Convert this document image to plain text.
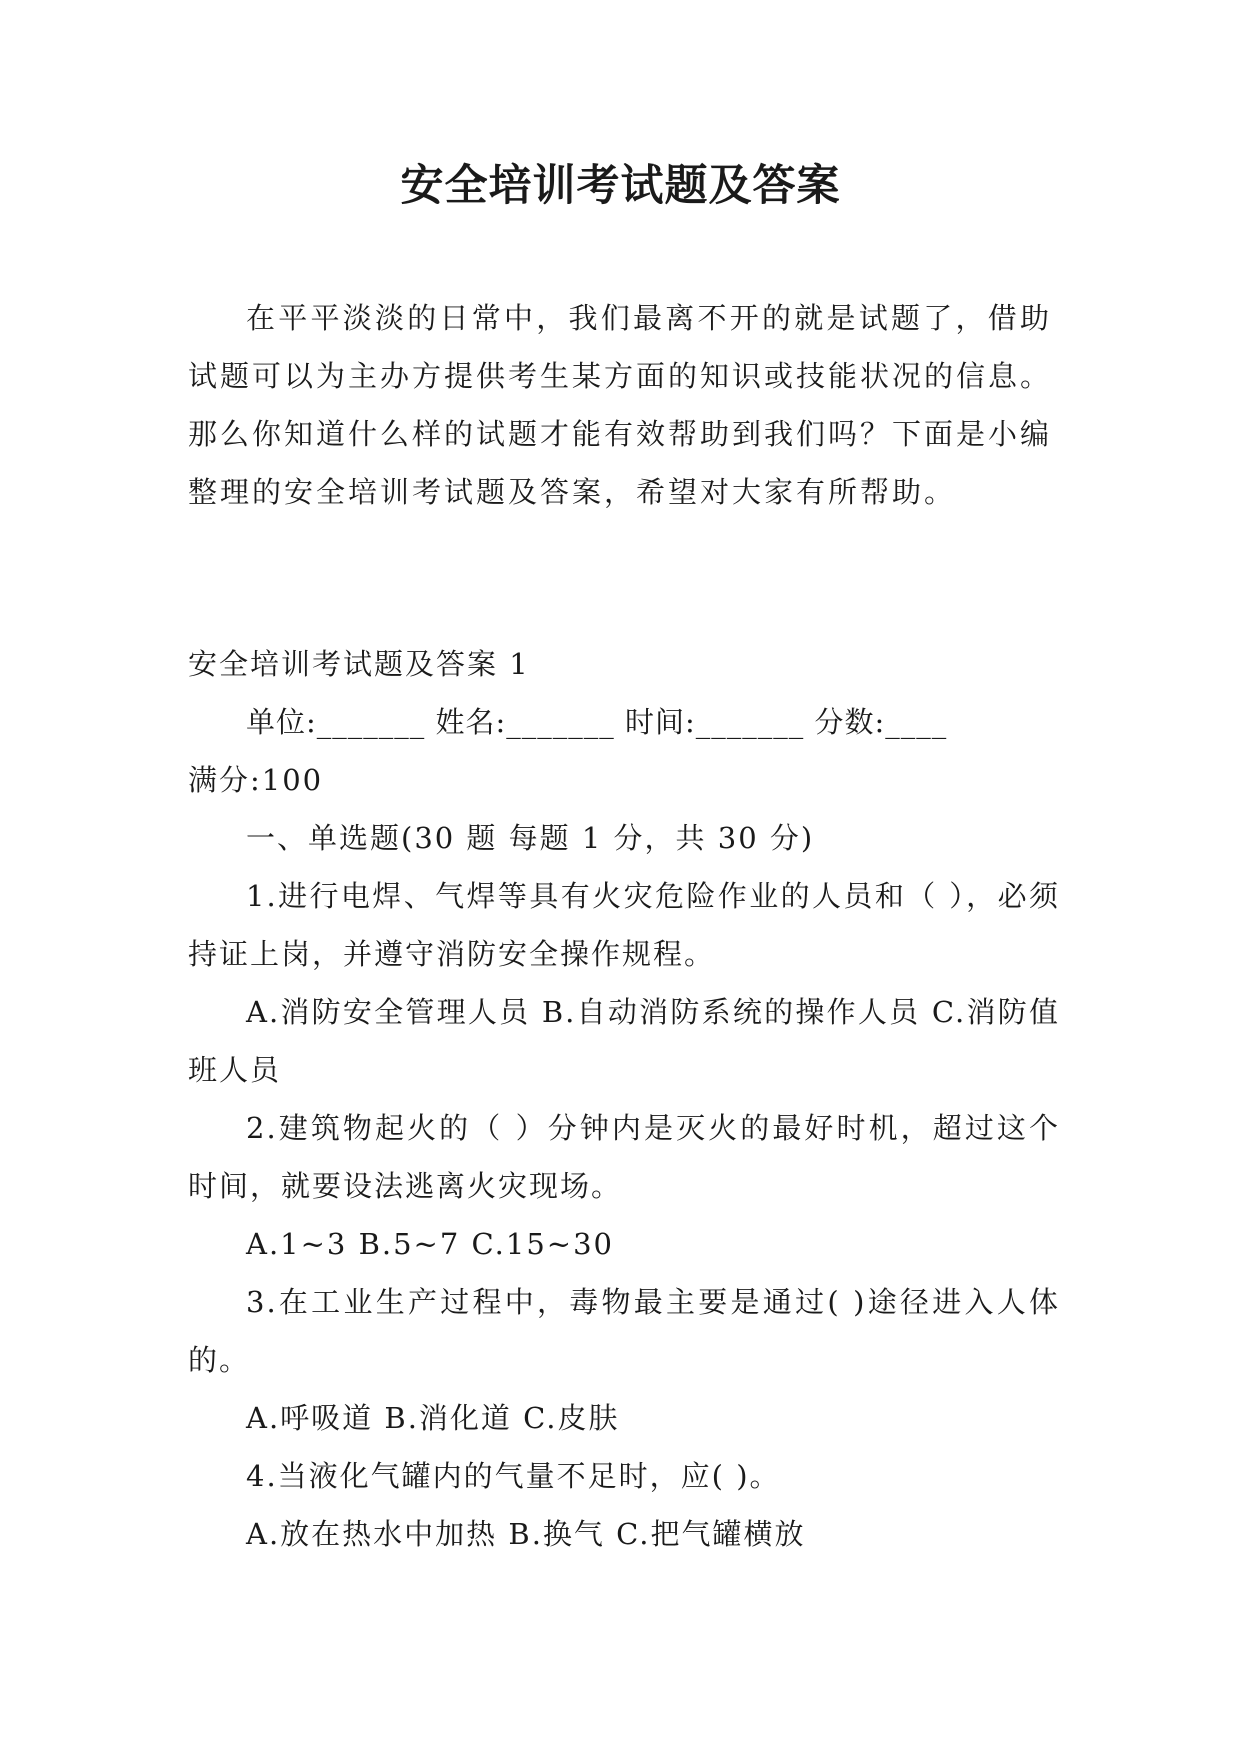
安全培训考试题及答案

在平平淡淡的日常中，我们最离不开的就是试题了，借助试题可以为主办方提供考生某方面的知识或技能状况的信息。那么你知道什么样的试题才能有效帮助到我们吗？下面是小编整理的安全培训考试题及答案，希望对大家有所帮助。

安全培训考试题及答案 1

单位:_______ 姓名:_______ 时间:_______ 分数:____

满分:100

一、单选题(30 题 每题 1 分，共 30 分)

1.进行电焊、气焊等具有火灾危险作业的人员和（ ），必须持证上岗，并遵守消防安全操作规程。

A.消防安全管理人员 B.自动消防系统的操作人员 C.消防值班人员

2.建筑物起火的（ ）分钟内是灭火的最好时机，超过这个时间，就要设法逃离火灾现场。

A.1~3 B.5~7 C.15~30

3.在工业生产过程中，毒物最主要是通过( )途径进入人体的。

A.呼吸道 B.消化道 C.皮肤

4.当液化气罐内的气量不足时，应( )。

A.放在热水中加热 B.换气 C.把气罐横放
